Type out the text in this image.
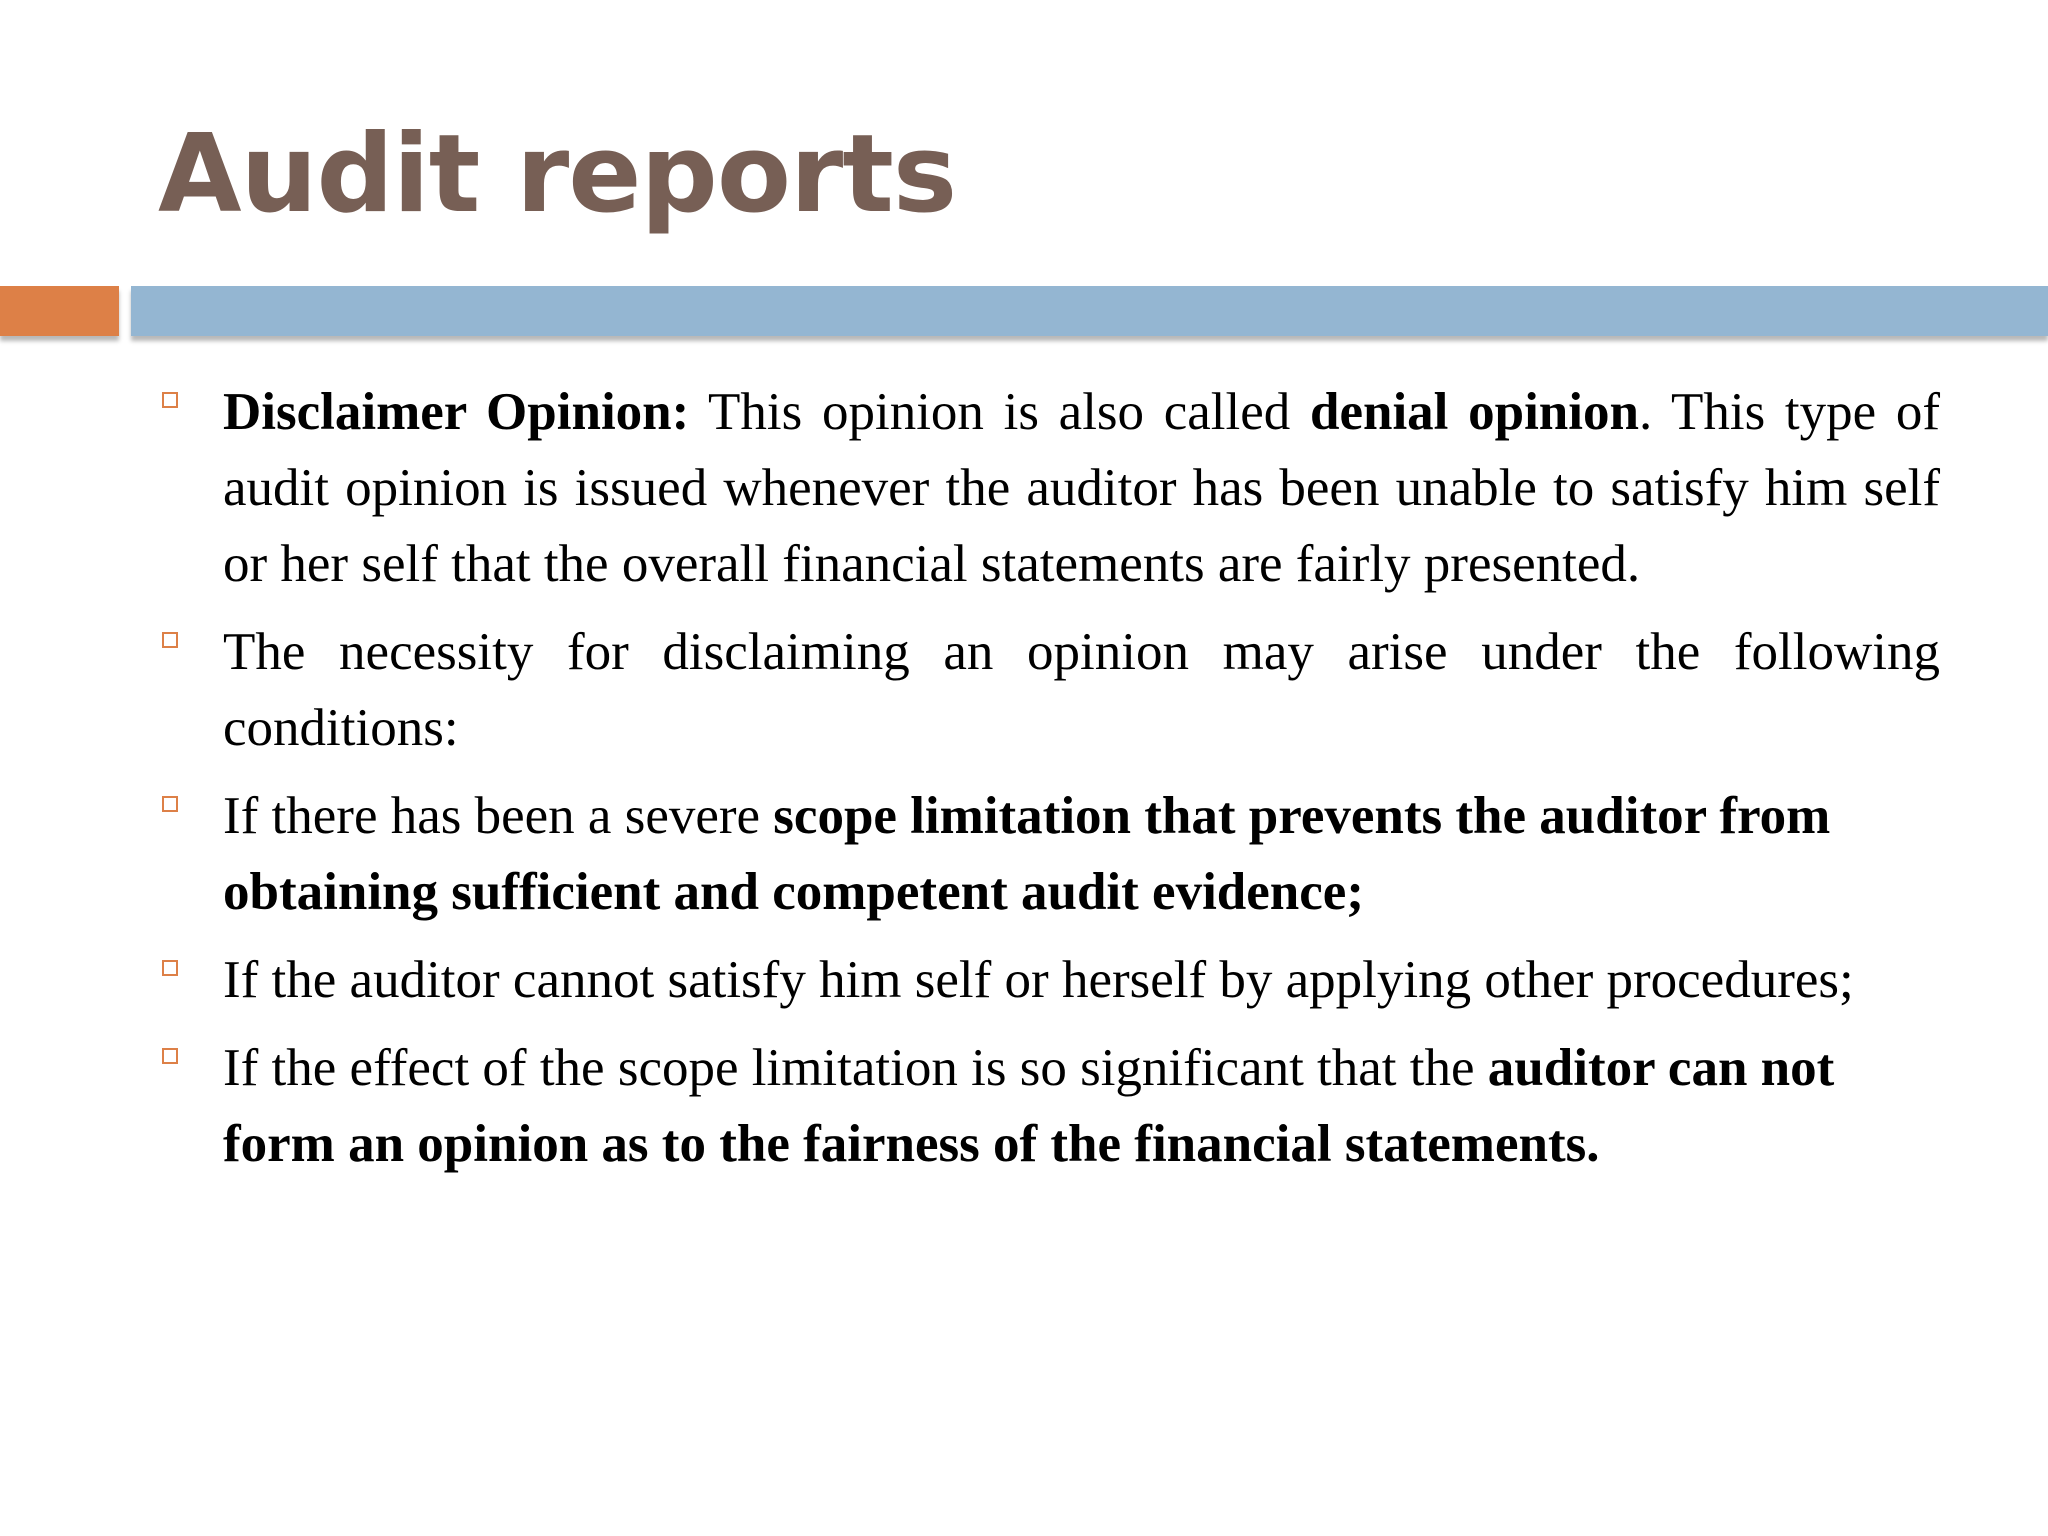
Audit reports
Disclaimer Opinion: This opinion is also called denial opinion. This type of audit opinion is issued whenever the auditor has been unable to satisfy him self or her self that the overall financial statements are fairly presented.
The necessity for disclaiming an opinion may arise under the following conditions:
If there has been a severe scope limitation that prevents the auditor from obtaining sufficient and competent audit evidence;
If the auditor cannot satisfy him self or herself by applying other procedures;
If the effect of the scope limitation is so significant that the auditor can not form an opinion as to the fairness of the financial statements.
